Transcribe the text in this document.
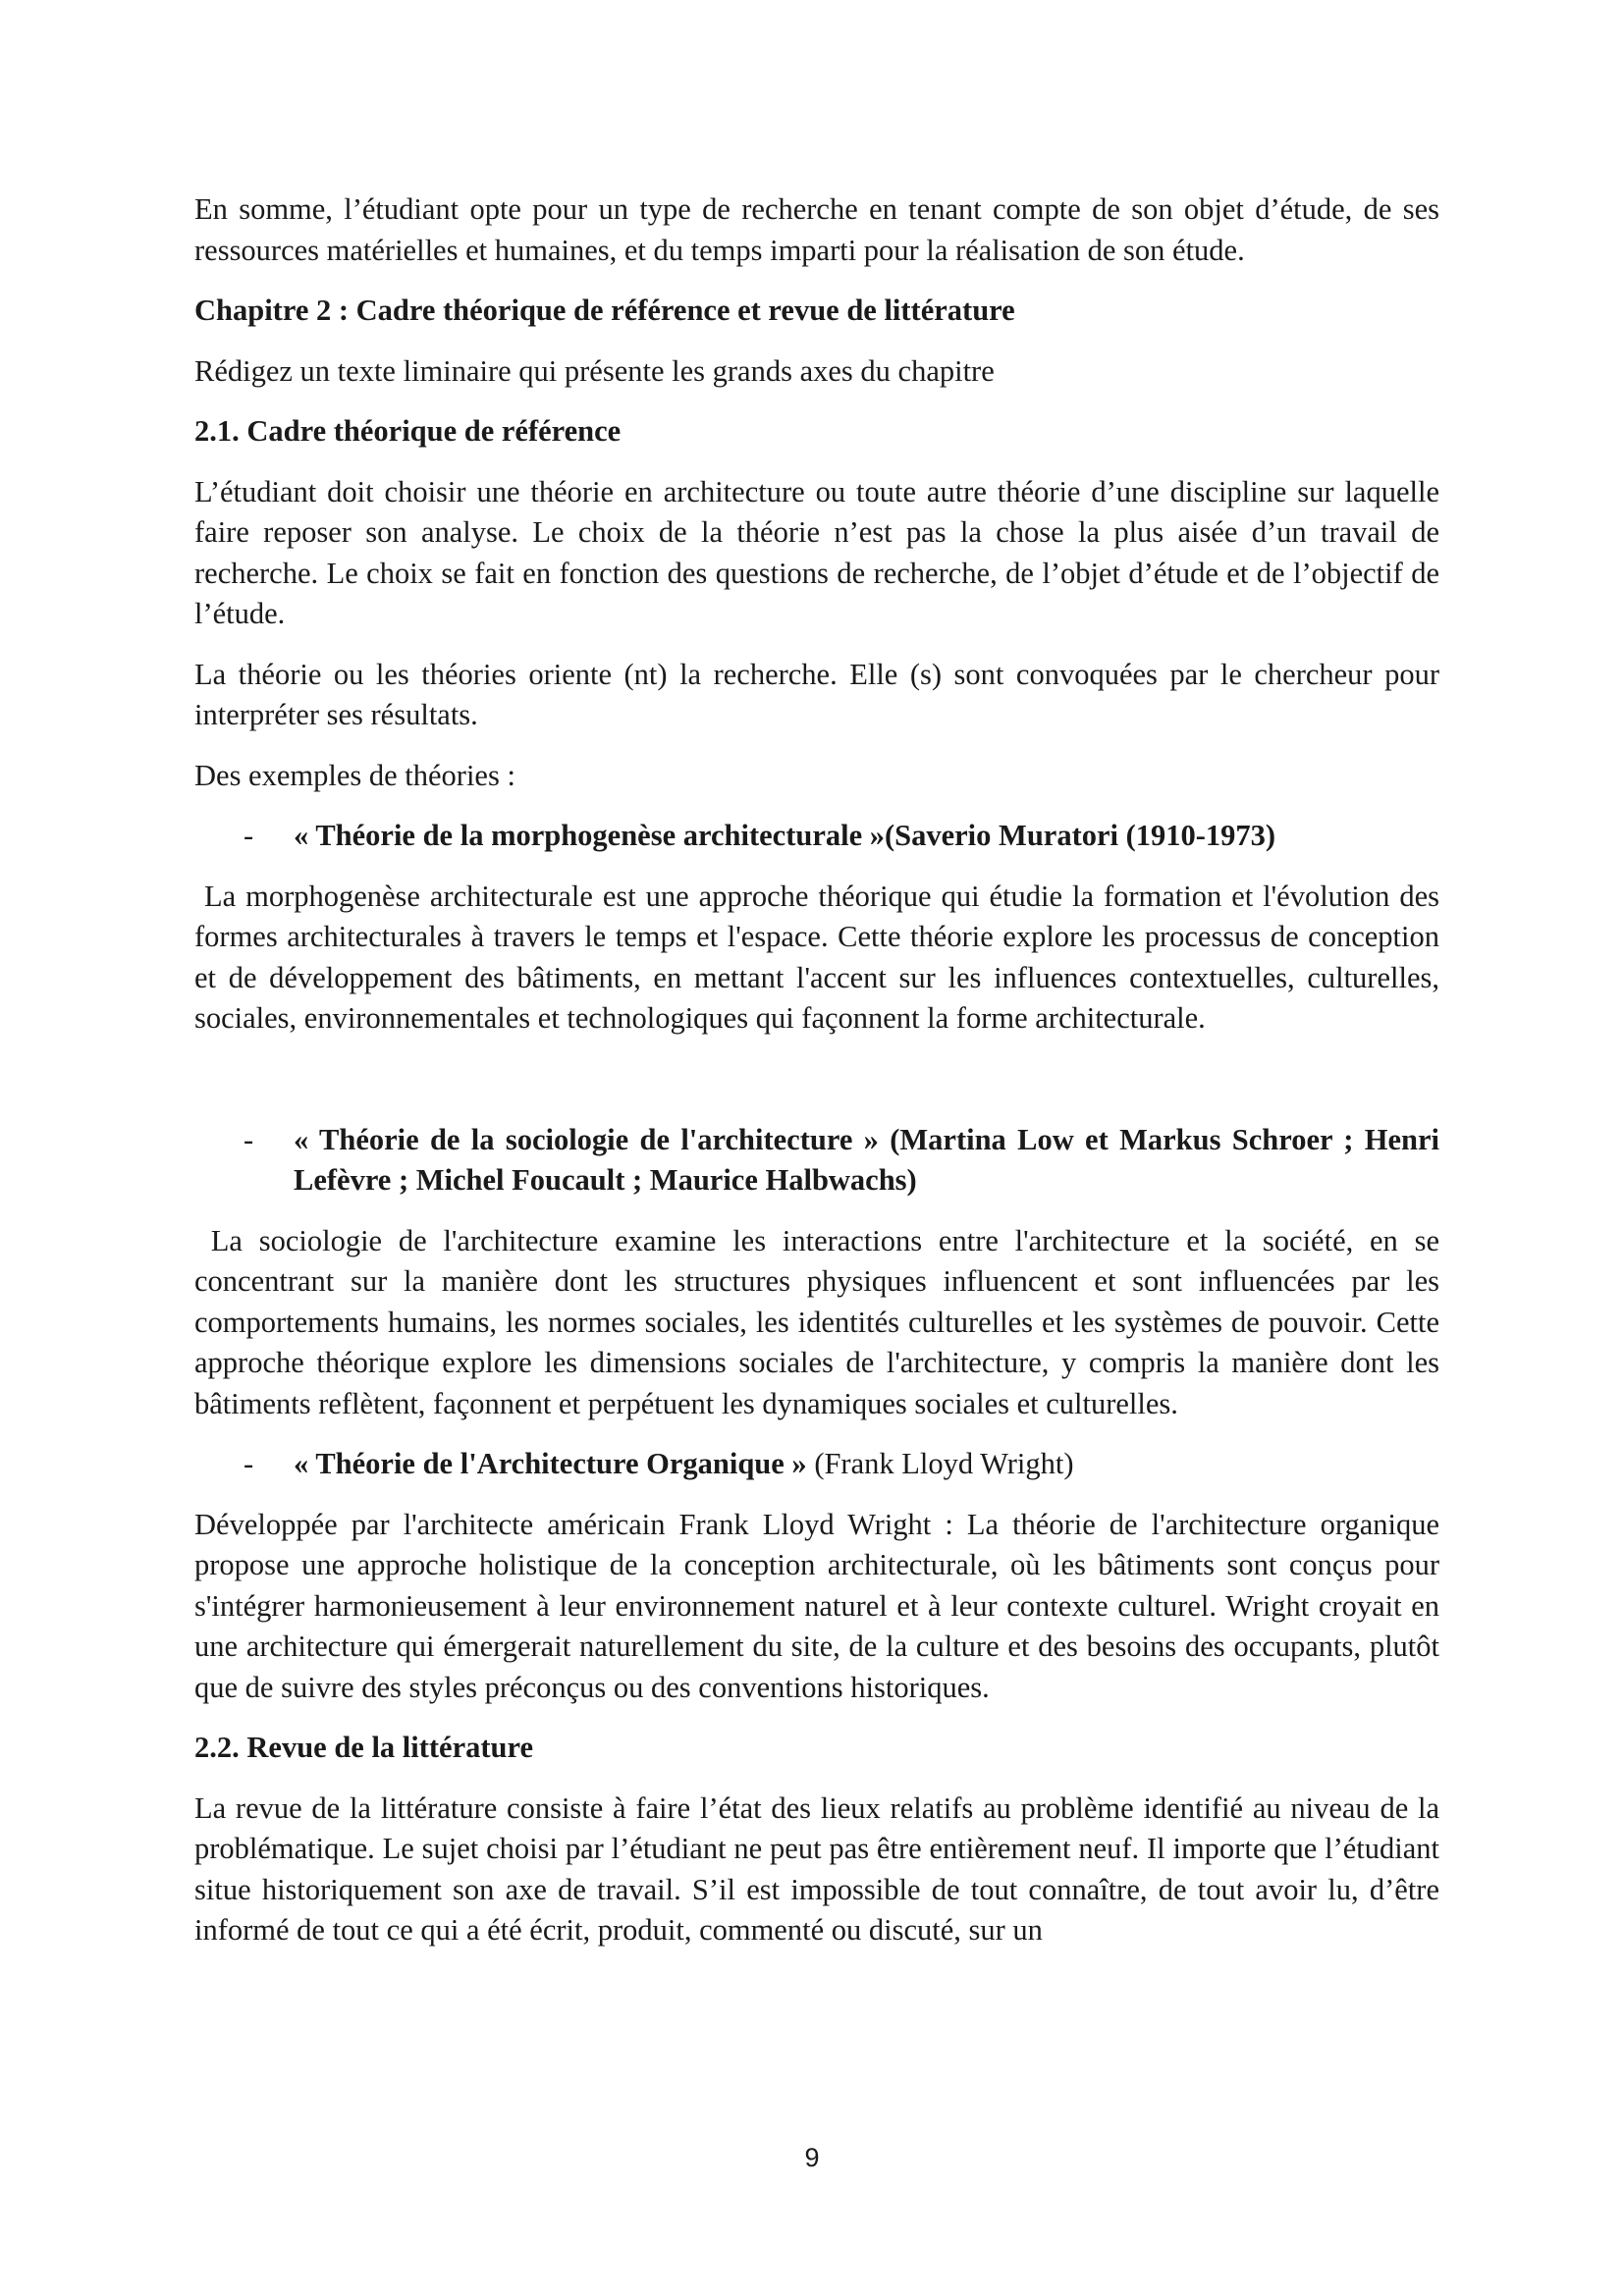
En somme, l’étudiant opte pour un type de recherche en tenant compte de son objet d’étude, de ses ressources matérielles et humaines, et du temps imparti pour la réalisation de son étude.

Chapitre 2 : Cadre théorique de référence et revue de littérature

Rédigez un texte liminaire qui présente les grands axes du chapitre

2.1. Cadre théorique de référence

L’étudiant doit choisir une théorie en architecture ou toute autre théorie d’une discipline sur laquelle faire reposer son analyse. Le choix de la théorie n’est pas la chose la plus aisée d’un travail de recherche. Le choix se fait en fonction des questions de recherche, de l’objet d’étude et de l’objectif de l’étude.

La théorie ou les théories oriente (nt) la recherche. Elle (s) sont convoquées par le chercheur pour interpréter ses résultats.

Des exemples de théories :

- « Théorie de la morphogenèse architecturale »(Saverio Muratori (1910-1973)

La morphogenèse architecturale est une approche théorique qui étudie la formation et l'évolution des formes architecturales à travers le temps et l'espace. Cette théorie explore les processus de conception et de développement des bâtiments, en mettant l'accent sur les influences contextuelles, culturelles, sociales, environnementales et technologiques qui façonnent la forme architecturale.

- « Théorie de la sociologie de l'architecture » (Martina Low et Markus Schroer ; Henri Lefèvre ; Michel Foucault ; Maurice Halbwachs)

La sociologie de l'architecture examine les interactions entre l'architecture et la société, en se concentrant sur la manière dont les structures physiques influencent et sont influencées par les comportements humains, les normes sociales, les identités culturelles et les systèmes de pouvoir. Cette approche théorique explore les dimensions sociales de l'architecture, y compris la manière dont les bâtiments reflètent, façonnent et perpétuent les dynamiques sociales et culturelles.

- « Théorie de l'Architecture Organique » (Frank Lloyd Wright)

Développée par l'architecte américain Frank Lloyd Wright : La théorie de l'architecture organique propose une approche holistique de la conception architecturale, où les bâtiments sont conçus pour s'intégrer harmonieusement à leur environnement naturel et à leur contexte culturel. Wright croyait en une architecture qui émergerait naturellement du site, de la culture et des besoins des occupants, plutôt que de suivre des styles préconçus ou des conventions historiques.

2.2. Revue de la littérature

La revue de la littérature consiste à faire l’état des lieux relatifs au problème identifié au niveau de la problématique. Le sujet choisi par l’étudiant ne peut pas être entièrement neuf. Il importe que l’étudiant situe historiquement son axe de travail. S’il est impossible de tout connaître, de tout avoir lu, d’être informé de tout ce qui a été écrit, produit, commenté ou discuté, sur un

9
